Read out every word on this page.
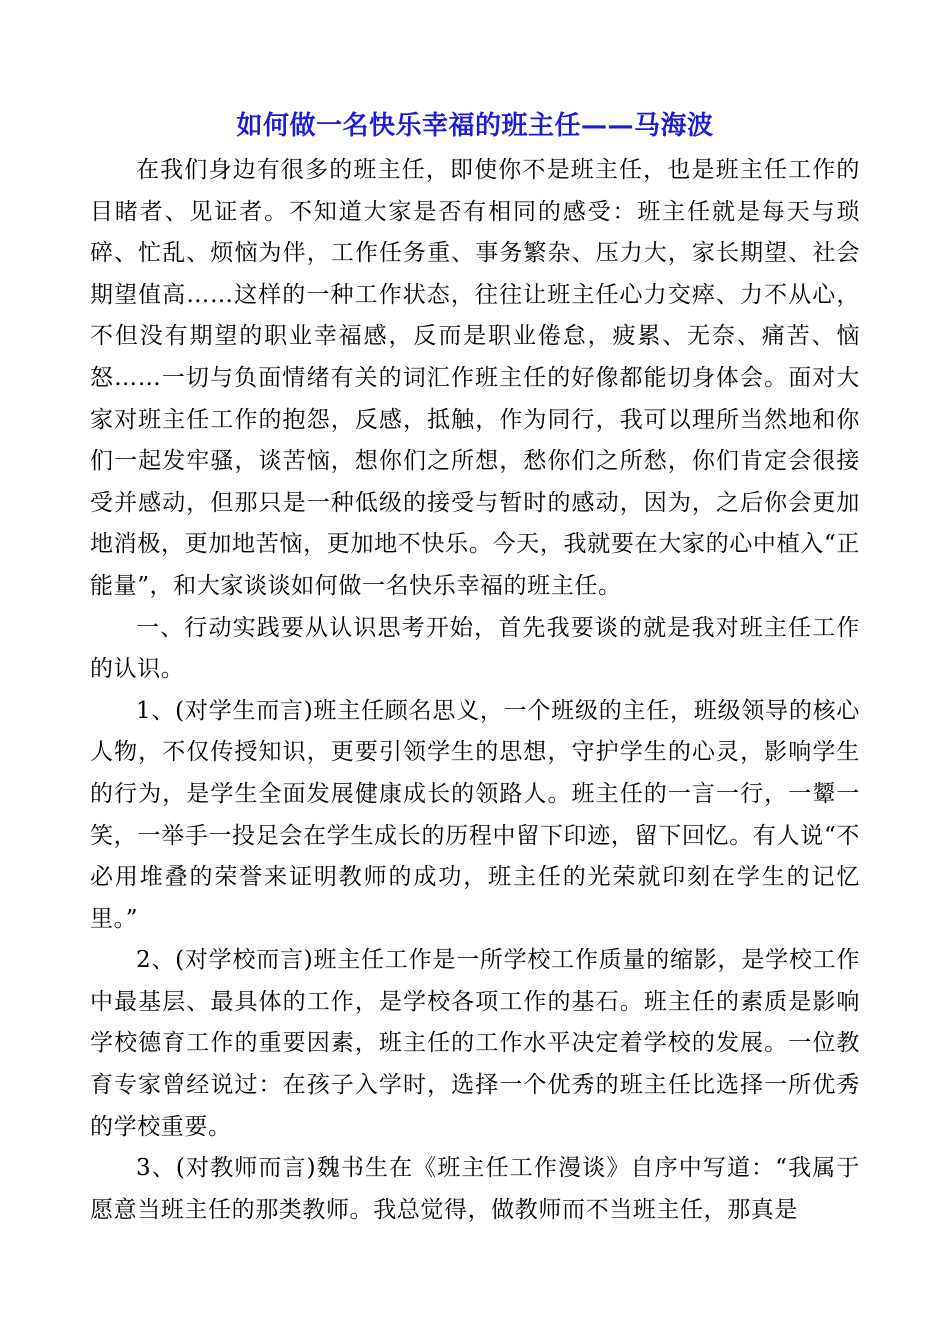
如何做一名快乐幸福的班主任——马海波

在我们身边有很多的班主任，即使你不是班主任，也是班主任工作的目睹者、见证者。不知道大家是否有相同的感受：班主任就是每天与琐碎、忙乱、烦恼为伴，工作任务重、事务繁杂、压力大，家长期望、社会期望值高……这样的一种工作状态，往往让班主任心力交瘁、力不从心，不但没有期望的职业幸福感，反而是职业倦怠，疲累、无奈、痛苦、恼怒……一切与负面情绪有关的词汇作班主任的好像都能切身体会。面对大家对班主任工作的抱怨，反感，抵触，作为同行，我可以理所当然地和你们一起发牢骚，谈苦恼，想你们之所想，愁你们之所愁，你们肯定会很接受并感动，但那只是一种低级的接受与暂时的感动，因为，之后你会更加地消极，更加地苦恼，更加地不快乐。今天，我就要在大家的心中植入“正能量”，和大家谈谈如何做一名快乐幸福的班主任。

一、行动实践要从认识思考开始，首先我要谈的就是我对班主任工作的认识。

1、(对学生而言)班主任顾名思义，一个班级的主任，班级领导的核心人物，不仅传授知识，更要引领学生的思想，守护学生的心灵，影响学生的行为，是学生全面发展健康成长的领路人。班主任的一言一行，一颦一笑，一举手一投足会在学生成长的历程中留下印迹，留下回忆。有人说“不必用堆叠的荣誉来证明教师的成功，班主任的光荣就印刻在学生的记忆里。”

2、(对学校而言)班主任工作是一所学校工作质量的缩影，是学校工作中最基层、最具体的工作，是学校各项工作的基石。班主任的素质是影响学校德育工作的重要因素，班主任的工作水平决定着学校的发展。一位教育专家曾经说过：在孩子入学时，选择一个优秀的班主任比选择一所优秀的学校重要。

3、(对教师而言)魏书生在《班主任工作漫谈》自序中写道：“我属于愿意当班主任的那类教师。我总觉得，做教师而不当班主任，那真是
